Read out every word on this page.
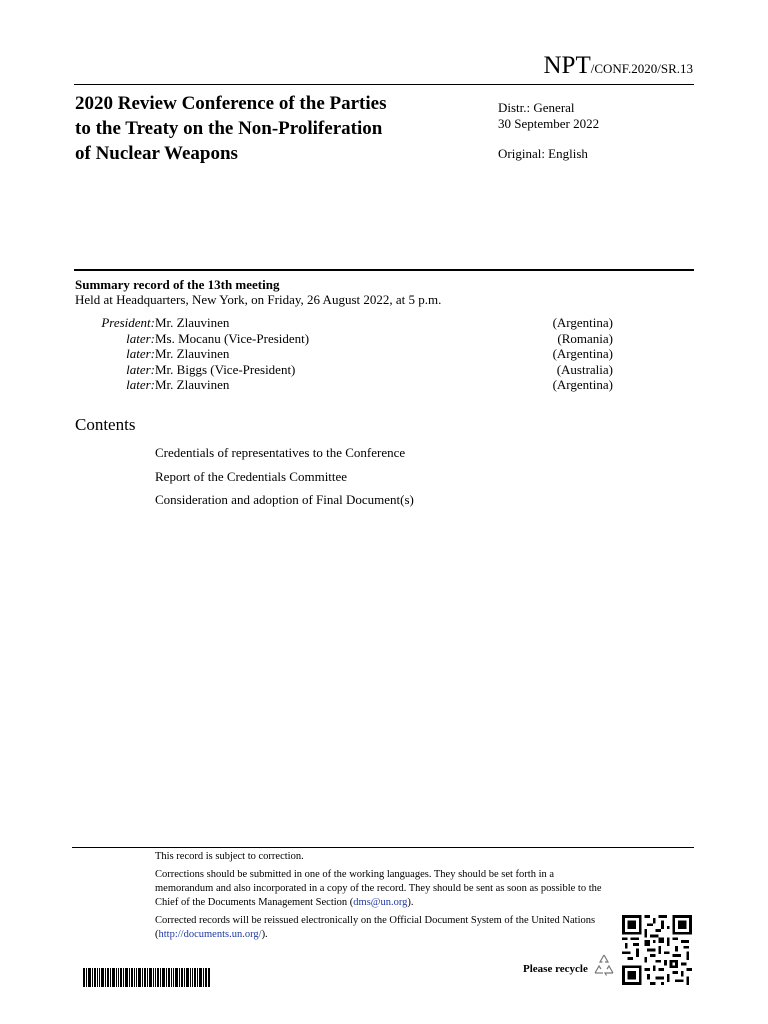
NPT/CONF.2020/SR.13
2020 Review Conference of the Parties
to the Treaty on the Non-Proliferation
of Nuclear Weapons
Distr.: General
30 September 2022
Original: English
Summary record of the 13th meeting
Held at Headquarters, New York, on Friday, 26 August 2022, at 5 p.m.
President: Mr. Zlauvinen	(Argentina)
later: Ms. Mocanu (Vice-President)	(Romania)
later: Mr. Zlauvinen	(Argentina)
later: Mr. Biggs (Vice-President)	(Australia)
later: Mr. Zlauvinen	(Argentina)
Contents
Credentials of representatives to the Conference
Report of the Credentials Committee
Consideration and adoption of Final Document(s)

This record is subject to correction.

Corrections should be submitted in one of the working languages. They should be set forth in a memorandum and also incorporated in a copy of the record. They should be sent as soon as possible to the Chief of the Documents Management Section (dms@un.org).

Corrected records will be reissued electronically on the Official Document System of the United Nations (http://documents.un.org/).

Please recycle
